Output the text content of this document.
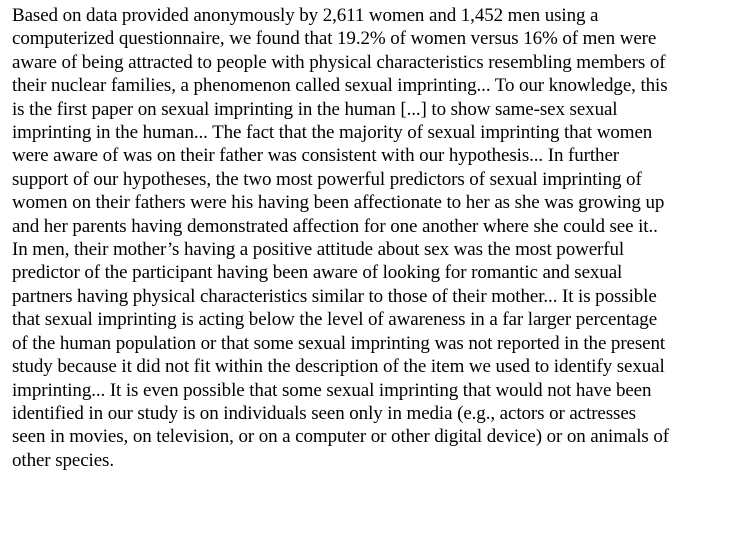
Based on data provided anonymously by 2,611 women and 1,452 men using a
computerized questionnaire, we found that 19.2% of women versus 16% of men were
aware of being attracted to people with physical characteristics resembling members of
their nuclear families, a phenomenon called sexual imprinting... To our knowledge, this
is the first paper on sexual imprinting in the human [...] to show same-sex sexual
imprinting in the human... The fact that the majority of sexual imprinting that women
were aware of was on their father was consistent with our hypothesis... In further
support of our hypotheses, the two most powerful predictors of sexual imprinting of
women on their fathers were his having been affectionate to her as she was growing up
and her parents having demonstrated affection for one another where she could see it..
In men, their mother’s having a positive attitude about sex was the most powerful
predictor of the participant having been aware of looking for romantic and sexual
partners having physical characteristics similar to those of their mother... It is possible
that sexual imprinting is acting below the level of awareness in a far larger percentage
of the human population or that some sexual imprinting was not reported in the present
study because it did not fit within the description of the item we used to identify sexual
imprinting... It is even possible that some sexual imprinting that would not have been
identified in our study is on individuals seen only in media (e.g., actors or actresses
seen in movies, on television, or on a computer or other digital device) or on animals of
other species.
